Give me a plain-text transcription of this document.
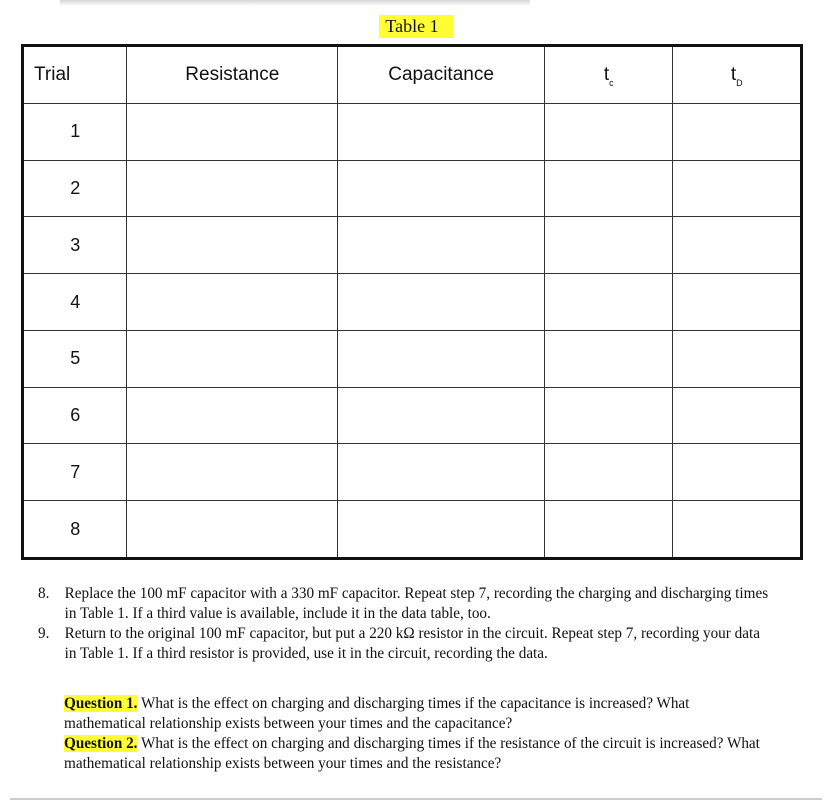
Table 1
Trial	Resistance	Capacitance	$t_c$	$t_D$
1				
2				
3				
4				
5				
6				
7				
8				
8. Replace the 100 mF capacitor with a 330 mF capacitor. Repeat step 7, recording the charging and discharging times in Table 1. If a third value is available, include it in the data table, too.
9. Return to the original 100 mF capacitor, but put a 220 kΩ resistor in the circuit. Repeat step 7, recording your data in Table 1. If a third resistor is provided, use it in the circuit, recording the data.

Question 1. What is the effect on charging and discharging times if the capacitance is increased? What mathematical relationship exists between your times and the capacitance?

Question 2. What is the effect on charging and discharging times if the resistance of the circuit is increased? What mathematical relationship exists between your times and the resistance?
